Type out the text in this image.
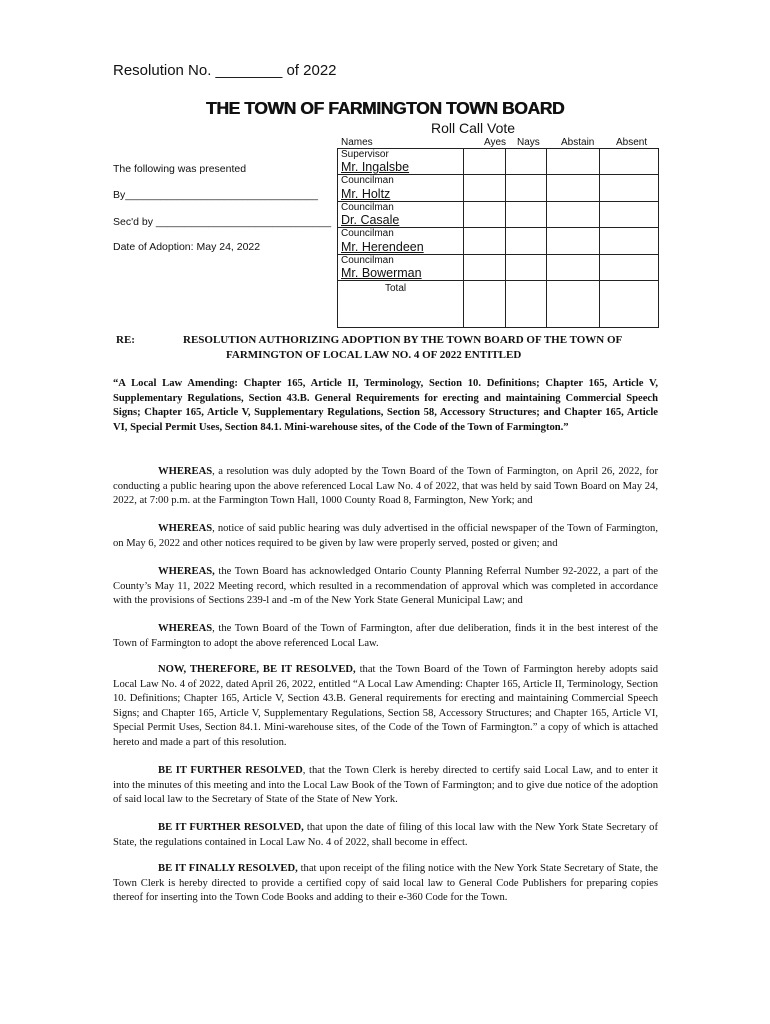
Resolution No. ________ of 2022
THE TOWN OF FARMINGTON TOWN BOARD
Roll Call Vote
The following was presented
By_________________________________
Sec'd by ______________________________
Date of Adoption: May 24, 2022
Names	Ayes Nays Abstain Absent
Supervisor
Mr. Ingalsbe
Councilman
Mr. Holtz
Councilman
Dr. Casale
Councilman
Mr. Herendeen
Councilman
Mr. Bowerman
Total
RE:	RESOLUTION AUTHORIZING ADOPTION BY THE TOWN BOARD OF THE TOWN OF
FARMINGTON OF LOCAL LAW NO. 4 OF 2022 ENTITLED
“A Local Law Amending: Chapter 165, Article II, Terminology, Section 10. Definitions; Chapter 165, Article V, Supplementary Regulations, Section 43.B. General Requirements for erecting and maintaining Commercial Speech Signs; Chapter 165, Article V, Supplementary Regulations, Section 58, Accessory Structures; and Chapter 165, Article VI, Special Permit Uses, Section 84.1. Mini-warehouse sites, of the Code of the Town of Farmington.”
WHEREAS, a resolution was duly adopted by the Town Board of the Town of Farmington, on April 26, 2022, for conducting a public hearing upon the above referenced Local Law No. 4 of 2022, that was held by said Town Board on May 24, 2022, at 7:00 p.m. at the Farmington Town Hall, 1000 County Road 8, Farmington, New York; and
WHEREAS, notice of said public hearing was duly advertised in the official newspaper of the Town of Farmington, on May 6, 2022 and other notices required to be given by law were properly served, posted or given; and
WHEREAS, the Town Board has acknowledged Ontario County Planning Referral Number 92-2022, a part of the County’s May 11, 2022 Meeting record, which resulted in a recommendation of approval which was completed in accordance with the provisions of Sections 239-l and -m of the New York State General Municipal Law; and
WHEREAS, the Town Board of the Town of Farmington, after due deliberation, finds it in the best interest of the Town of Farmington to adopt the above referenced Local Law.
NOW, THEREFORE, BE IT RESOLVED, that the Town Board of the Town of Farmington hereby adopts said Local Law No. 4 of 2022, dated April 26, 2022, entitled “A Local Law Amending: Chapter 165, Article II, Terminology, Section 10. Definitions; Chapter 165, Article V, Section 43.B. General requirements for erecting and maintaining Commercial Speech Signs; and Chapter 165, Article V, Supplementary Regulations, Section 58, Accessory Structures; and Chapter 165, Article VI, Special Permit Uses, Section 84.1. Mini-warehouse sites, of the Code of the Town of Farmington.” a copy of which is attached hereto and made a part of this resolution.
BE IT FURTHER RESOLVED, that the Town Clerk is hereby directed to certify said Local Law, and to enter it into the minutes of this meeting and into the Local Law Book of the Town of Farmington; and to give due notice of the adoption of said local law to the Secretary of State of the State of New York.
BE IT FURTHER RESOLVED, that upon the date of filing of this local law with the New York State Secretary of State, the regulations contained in Local Law No. 4 of 2022, shall become in effect.
BE IT FINALLY RESOLVED, that upon receipt of the filing notice with the New York State Secretary of State, the Town Clerk is hereby directed to provide a certified copy of said local law to General Code Publishers for preparing copies thereof for inserting into the Town Code Books and adding to their e-360 Code for the Town.
